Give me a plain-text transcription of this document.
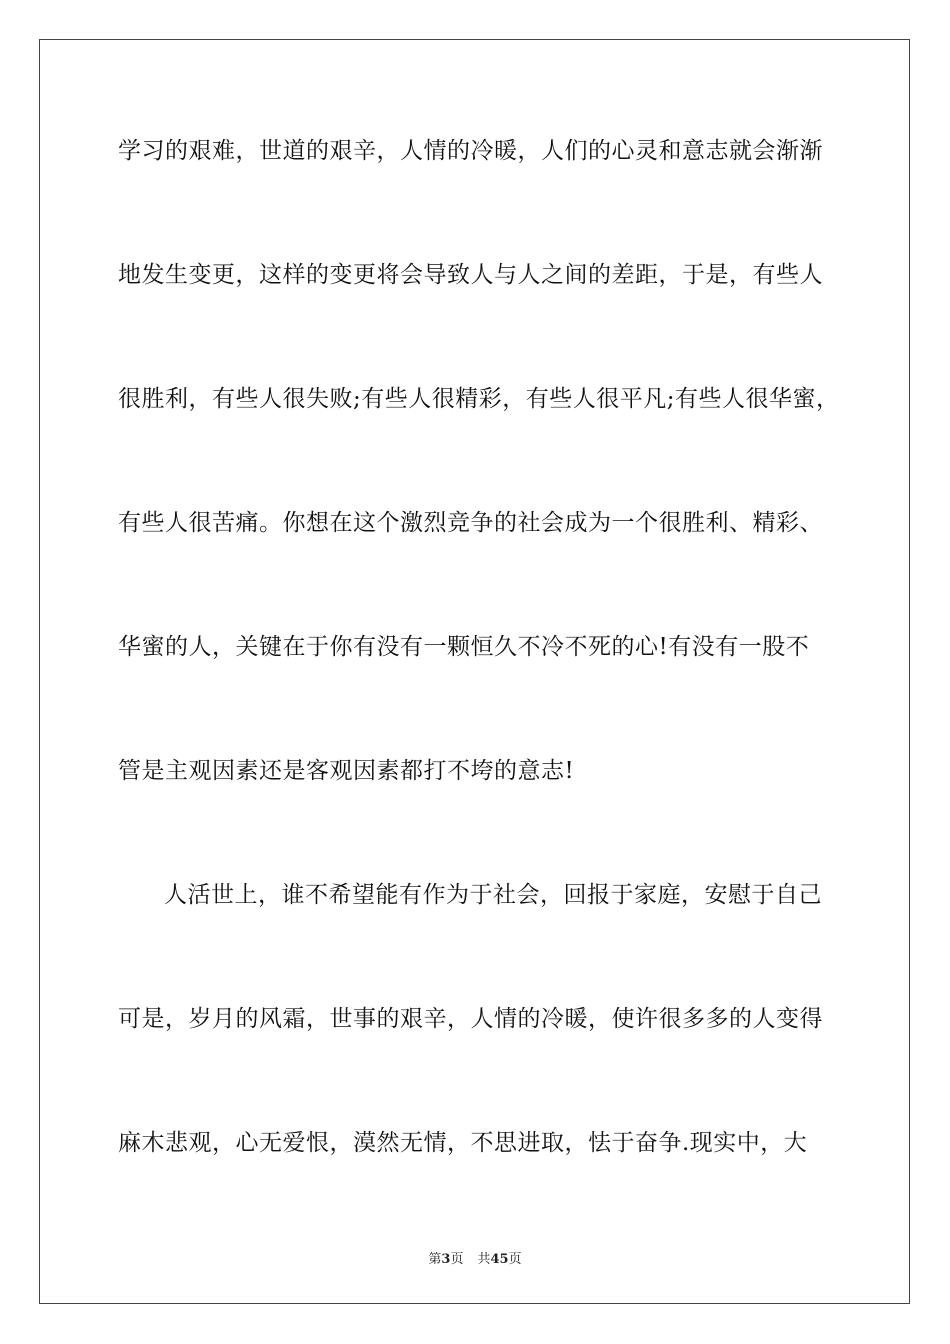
学习的艰难，世道的艰辛，人情的冷暖，人们的心灵和意志就会渐渐
地发生变更，这样的变更将会导致人与人之间的差距，于是，有些人
很胜利，有些人很失败;有些人很精彩，有些人很平凡;有些人很华蜜，
有些人很苦痛。你想在这个激烈竞争的社会成为一个很胜利、精彩、
华蜜的人，关键在于你有没有一颗恒久不冷不死的心!有没有一股不
管是主观因素还是客观因素都打不垮的意志!
人活世上，谁不希望能有作为于社会，回报于家庭，安慰于自己
可是，岁月的风霜，世事的艰辛，人情的冷暖，使许很多多的人变得
麻木悲观，心无爱恨，漠然无情，不思进取，怯于奋争.现实中，大
第3页 共45页
